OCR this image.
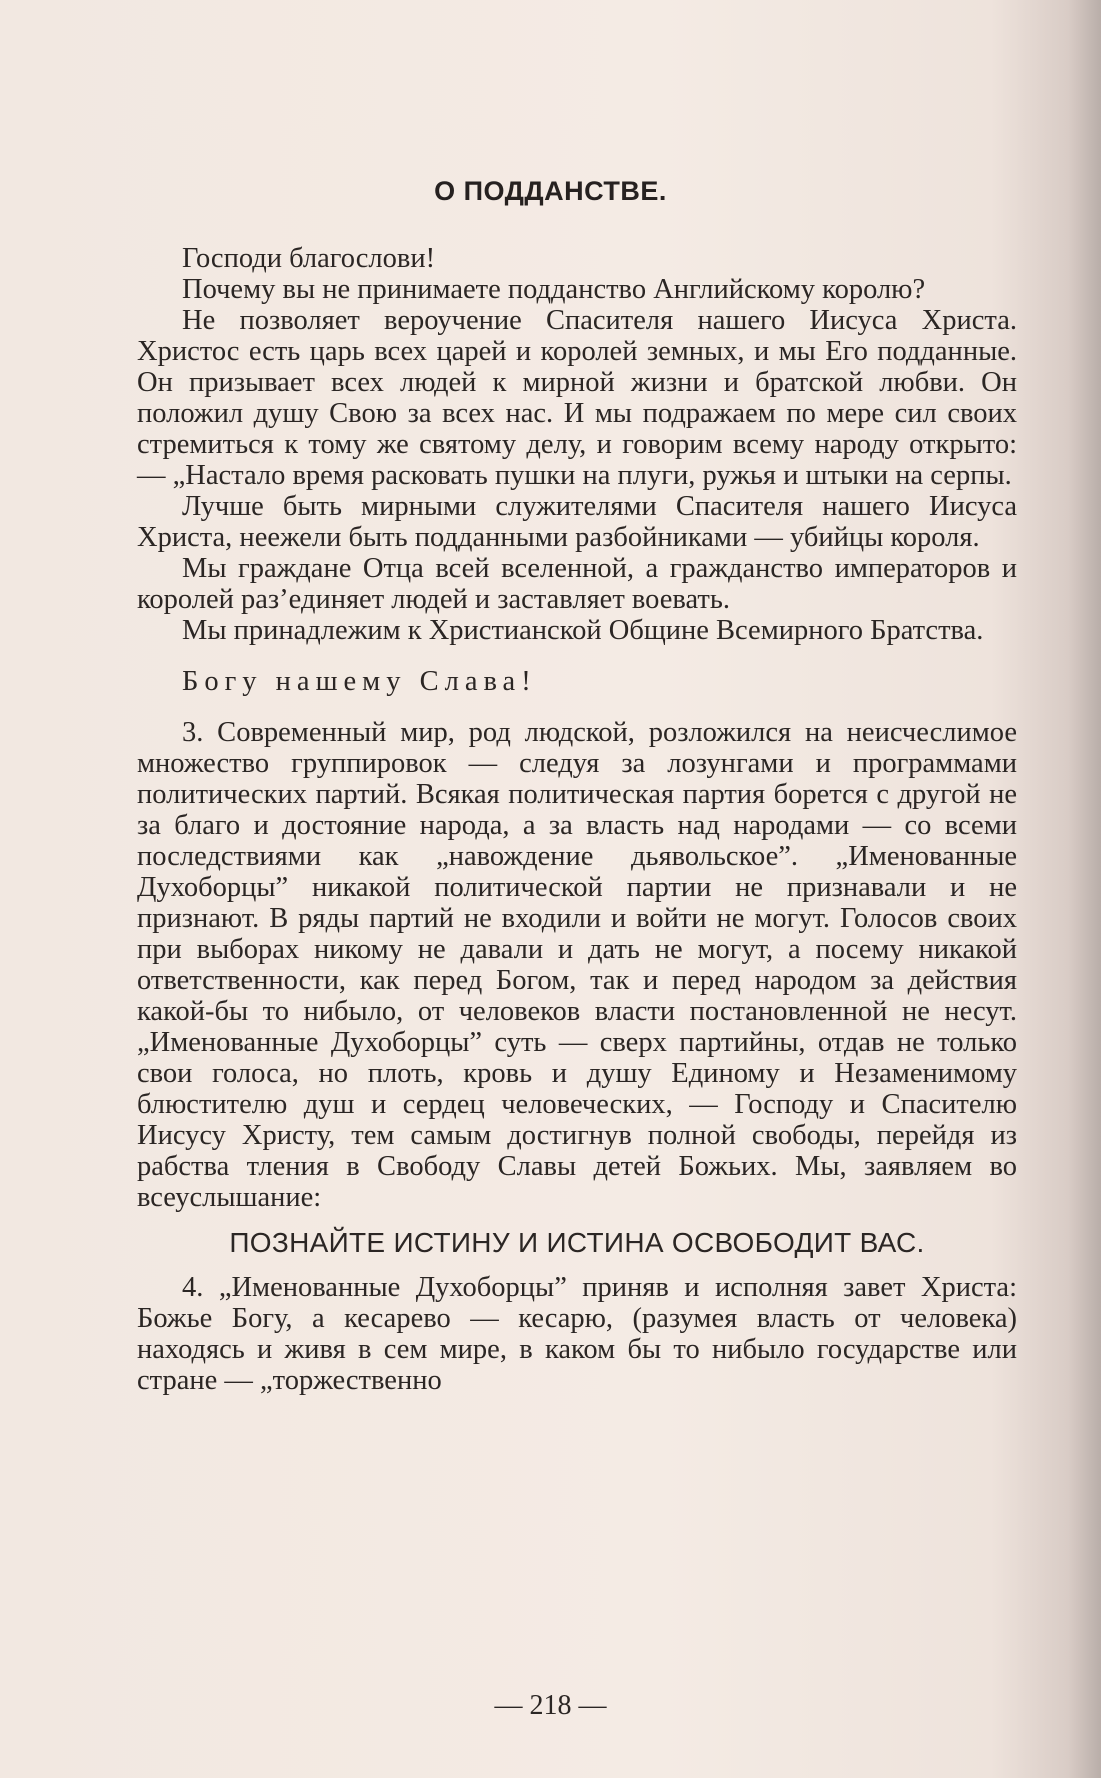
О ПОДДАНСТВЕ.

Господи благослови!

Почему вы не принимаете подданство Английскому королю?

Не позволяет вероучение Спасителя нашего Иисуса Христа. Христос есть царь всех царей и королей земных, и мы Его подданные. Он призывает всех людей к мирной жизни и братской любви. Он положил душу Свою за всех нас. И мы подражаем по мере сил своих стремиться к тому же святому делу, и говорим всему народу открыто: — „Настало время расковать пушки на плуги, ружья и штыки на серпы.

Лучше быть мирными служителями Спасителя нашего Иисуса Христа, неежели быть подданными разбойниками — убийцы короля.

Мы граждане Отца всей вселенной, а гражданство императоров и королей раз’единяет людей и заставляет воевать.

Мы принадлежим к Христианской Общине Всемирного Братства.

Богу нашему Слава!

3. Современный мир, род людской, розложился на неисчеслимое множество группировок — следуя за лозунгами и программами политических партий. Всякая политическая партия борется с другой не за благо и достояние народа, а за власть над народами — со всеми последствиями как „навождение дьявольское”. „Именованные Духоборцы” никакой политической партии не признавали и не признают. В ряды партий не входили и войти не могут. Голосов своих при выборах никому не давали и дать не могут, а посему никакой ответственности, как перед Богом, так и перед народом за действия какой-бы то нибыло, от человеков власти постановленной не несут. „Именованные Духоборцы” суть — сверх партийны, отдав не только свои голоса, но плоть, кровь и душу Единому и Незаменимому блюстителю душ и сердец человеческих, — Господу и Спасителю Иисусу Христу, тем самым достигнув полной свободы, перейдя из рабства тления в Свободу Славы детей Божьих. Мы, заявляем во всеуслышание:

ПОЗНАЙТЕ ИСТИНУ И ИСТИНА ОСВОБОДИТ ВАС.

4. „Именованные Духоборцы” приняв и исполняя завет Христа: Божье Богу, а кесарево — кесарю, (разумея власть от человека) находясь и живя в сем мире, в каком бы то нибыло государстве или стране — „торжественно

— 218 —
